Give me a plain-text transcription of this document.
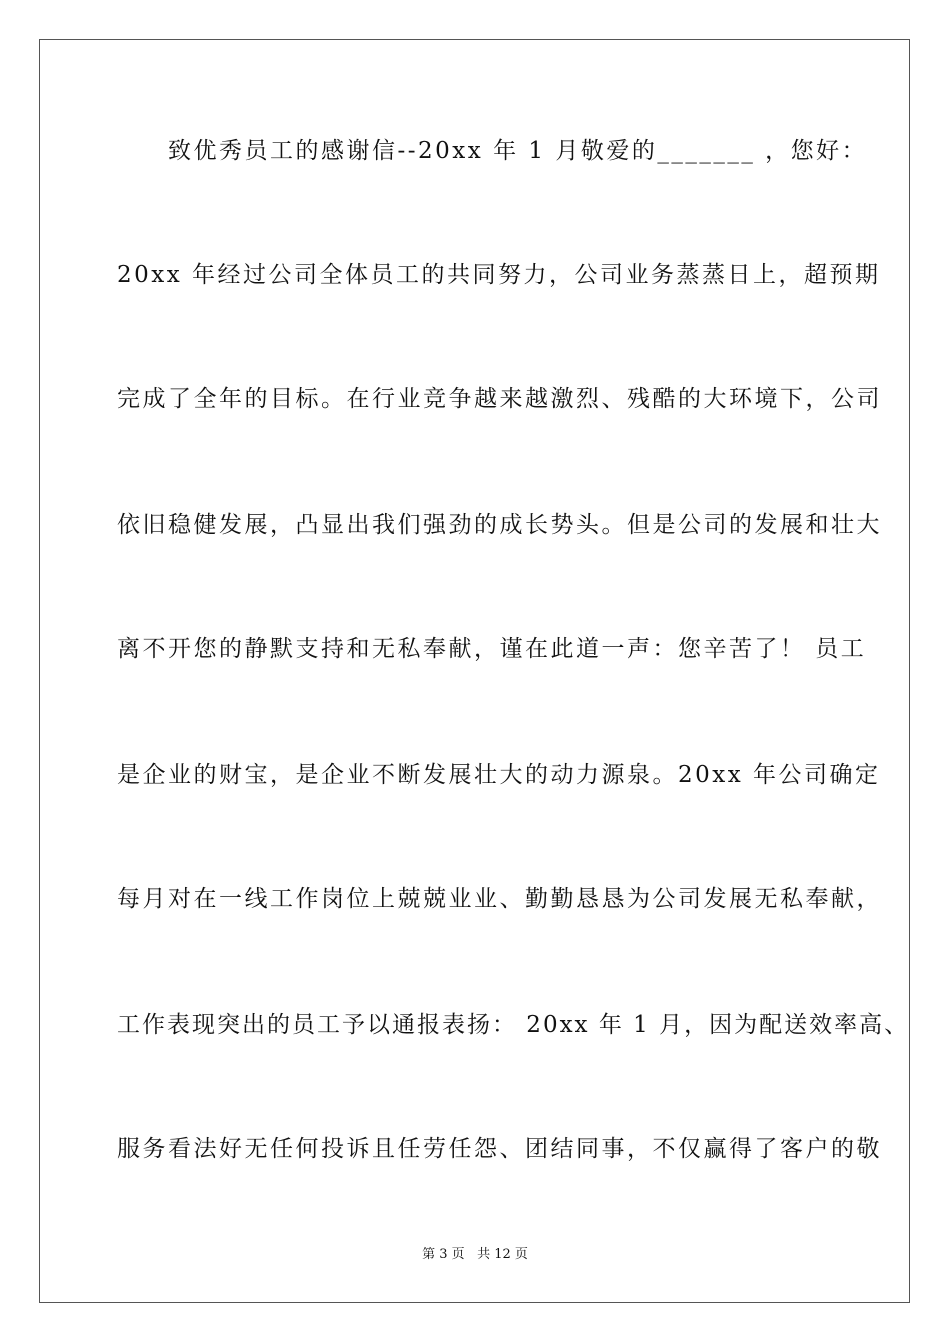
致优秀员工的感谢信--20xx 年 1 月敬爱的_______ ，您好：
20xx 年经过公司全体员工的共同努力，公司业务蒸蒸日上，超预期
完成了全年的目标。在行业竞争越来越激烈、残酷的大环境下，公司
依旧稳健发展，凸显出我们强劲的成长势头。但是公司的发展和壮大
离不开您的静默支持和无私奉献，谨在此道一声：您辛苦了！ 员工
是企业的财宝，是企业不断发展壮大的动力源泉。20xx 年公司确定
每月对在一线工作岗位上兢兢业业、勤勤恳恳为公司发展无私奉献，
工作表现突出的员工予以通报表扬： 20xx 年 1 月，因为配送效率高、
服务看法好无任何投诉且任劳任怨、团结同事，不仅赢得了客户的敬
第 3 页 共 12 页
